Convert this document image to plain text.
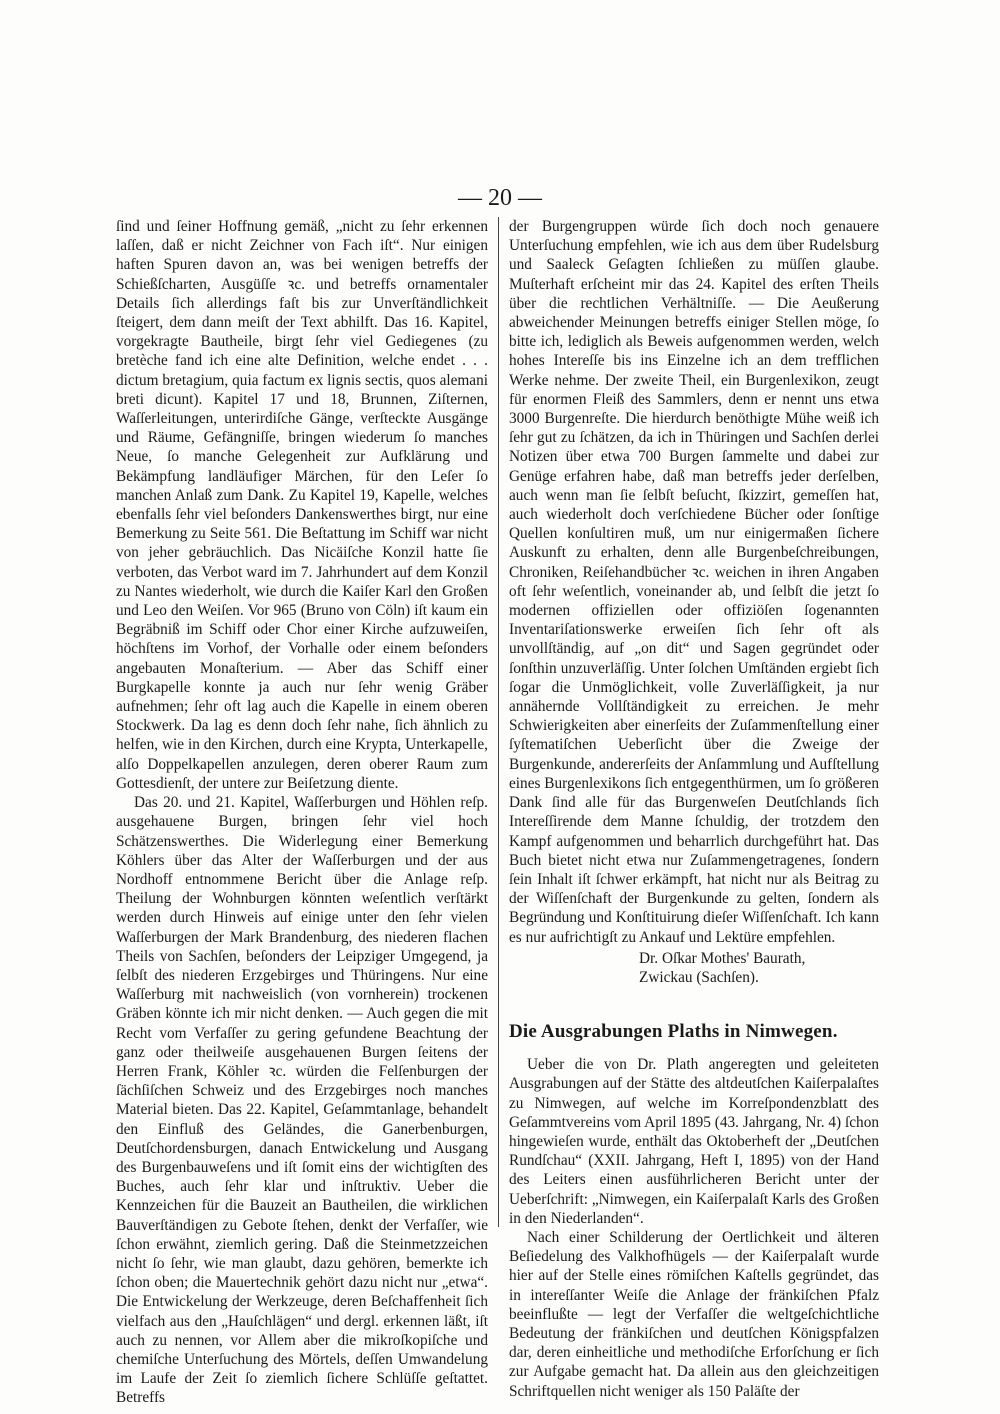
— 20 —

ſind und ſeiner Hoffnung gemäß, „nicht zu ſehr erkennen laſſen, daß er nicht Zeichner von Fach iſt“. Nur einigen haften Spuren davon an, was bei wenigen betreffs der Schießſcharten, Ausgüſſe ꝛc. und betreffs ornamentaler Details ſich allerdings faſt bis zur Unverſtändlichkeit ſteigert, dem dann meiſt der Text abhilft. Das 16. Kapitel, vorgekragte Bautheile, birgt ſehr viel Gediegenes (zu bretèche fand ich eine alte Definition, welche endet . . . dictum bretagium, quia factum ex lignis sectis, quos alemani breti dicunt). Kapitel 17 und 18, Brunnen, Ziſternen, Waſſerleitungen, unterirdiſche Gänge, verſteckte Ausgänge und Räume, Gefängniſſe, bringen wiederum ſo manches Neue, ſo manche Gelegenheit zur Aufklärung und Bekämpfung landläufiger Märchen, für den Leſer ſo manchen Anlaß zum Dank. Zu Kapitel 19, Kapelle, welches ebenfalls ſehr viel beſonders Dankenswerthes birgt, nur eine Bemerkung zu Seite 561. Die Beſtattung im Schiff war nicht von jeher gebräuchlich. Das Nicäiſche Konzil hatte ſie verboten, das Verbot ward im 7. Jahrhundert auf dem Konzil zu Nantes wiederholt, wie durch die Kaiſer Karl den Großen und Leo den Weiſen. Vor 965 (Bruno von Cöln) iſt kaum ein Begräbniß im Schiff oder Chor einer Kirche aufzuweiſen, höchſtens im Vorhof, der Vorhalle oder einem beſonders angebauten Monaſterium. — Aber das Schiff einer Burgkapelle konnte ja auch nur ſehr wenig Gräber aufnehmen; ſehr oft lag auch die Kapelle in einem oberen Stockwerk. Da lag es denn doch ſehr nahe, ſich ähnlich zu helfen, wie in den Kirchen, durch eine Krypta, Unterkapelle, alſo Doppelkapellen anzulegen, deren oberer Raum zum Gottesdienſt, der untere zur Beiſetzung diente.

Das 20. und 21. Kapitel, Waſſerburgen und Höhlen reſp. ausgehauene Burgen, bringen ſehr viel hoch Schätzenswerthes. Die Widerlegung einer Bemerkung Köhlers über das Alter der Waſſerburgen und der aus Nordhoff entnommene Bericht über die Anlage reſp. Theilung der Wohnburgen könnten weſentlich verſtärkt werden durch Hinweis auf einige unter den ſehr vielen Waſſerburgen der Mark Brandenburg, des niederen flachen Theils von Sachſen, beſonders der Leipziger Umgegend, ja ſelbſt des niederen Erzgebirges und Thüringens. Nur eine Waſſerburg mit nachweislich (von vornherein) trockenen Gräben könnte ich mir nicht denken. — Auch gegen die mit Recht vom Verfaſſer zu gering gefundene Beachtung der ganz oder theilweiſe ausgehauenen Burgen ſeitens der Herren Frank, Köhler ꝛc. würden die Felſenburgen der ſächſiſchen Schweiz und des Erzgebirges noch manches Material bieten. Das 22. Kapitel, Geſammtanlage, behandelt den Einfluß des Geländes, die Ganerbenburgen, Deutſchordensburgen, danach Entwickelung und Ausgang des Burgenbauweſens und iſt ſomit eins der wichtigſten des Buches, auch ſehr klar und inſtruktiv. Ueber die Kennzeichen für die Bauzeit an Bautheilen, die wirklichen Bauverſtändigen zu Gebote ſtehen, denkt der Verfaſſer, wie ſchon erwähnt, ziemlich gering. Daß die Steinmetzzeichen nicht ſo ſehr, wie man glaubt, dazu gehören, bemerkte ich ſchon oben; die Mauertechnik gehört dazu nicht nur „etwa“. Die Entwickelung der Werkzeuge, deren Beſchaffenheit ſich vielfach aus den „Hauſchlägen“ und dergl. erkennen läßt, iſt auch zu nennen, vor Allem aber die mikroſkopiſche und chemiſche Unterſuchung des Mörtels, deſſen Umwandelung im Laufe der Zeit ſo ziemlich ſichere Schlüſſe geſtattet. Betreffs

der Burgengruppen würde ſich doch noch genauere Unterſuchung empfehlen, wie ich aus dem über Rudelsburg und Saaleck Geſagten ſchließen zu müſſen glaube. Muſterhaft erſcheint mir das 24. Kapitel des erſten Theils über die rechtlichen Verhältniſſe. — Die Aeußerung abweichender Meinungen betreffs einiger Stellen möge, ſo bitte ich, lediglich als Beweis aufgenommen werden, welch hohes Intereſſe bis ins Einzelne ich an dem trefflichen Werke nehme. Der zweite Theil, ein Burgenlexikon, zeugt für enormen Fleiß des Sammlers, denn er nennt uns etwa 3000 Burgenreſte. Die hierdurch benöthigte Mühe weiß ich ſehr gut zu ſchätzen, da ich in Thüringen und Sachſen derlei Notizen über etwa 700 Burgen ſammelte und dabei zur Genüge erfahren habe, daß man betreffs jeder derſelben, auch wenn man ſie ſelbſt beſucht, ſkizzirt, gemeſſen hat, auch wiederholt doch verſchiedene Bücher oder ſonſtige Quellen konſultiren muß, um nur einigermaßen ſichere Auskunft zu erhalten, denn alle Burgenbeſchreibungen, Chroniken, Reiſehandbücher ꝛc. weichen in ihren Angaben oft ſehr weſentlich, voneinander ab, und ſelbſt die jetzt ſo modernen offiziellen oder offiziöſen ſogenannten Inventariſationswerke erweiſen ſich ſehr oft als unvollſtändig, auf „on dit“ und Sagen gegründet oder ſonſthin unzuverläſſig. Unter ſolchen Umſtänden ergiebt ſich ſogar die Unmöglichkeit, volle Zuverläſſigkeit, ja nur annähernde Vollſtändigkeit zu erreichen. Je mehr Schwierigkeiten aber einerſeits der Zuſammenſtellung einer ſyſtematiſchen Ueberſicht über die Zweige der Burgenkunde, andererſeits der Anſammlung und Aufſtellung eines Burgenlexikons ſich entgegenthürmen, um ſo größeren Dank ſind alle für das Burgenweſen Deutſchlands ſich Intereſſirende dem Manne ſchuldig, der trotzdem den Kampf aufgenommen und beharrlich durchgeführt hat. Das Buch bietet nicht etwa nur Zuſammengetragenes, ſondern ſein Inhalt iſt ſchwer erkämpft, hat nicht nur als Beitrag zu der Wiſſenſchaft der Burgenkunde zu gelten, ſondern als Begründung und Konſtituirung dieſer Wiſſenſchaft. Ich kann es nur aufrichtigſt zu Ankauf und Lektüre empfehlen.

Dr. Oſkar Mothes' Baurath,
Zwickau (Sachſen).
Die Ausgrabungen Plaths in Nimwegen.

Ueber die von Dr. Plath angeregten und geleiteten Ausgrabungen auf der Stätte des altdeutſchen Kaiſerpalaſtes zu Nimwegen, auf welche im Korreſpondenzblatt des Geſammtvereins vom April 1895 (43. Jahrgang, Nr. 4) ſchon hingewieſen wurde, enthält das Oktoberheft der „Deutſchen Rundſchau“ (XXII. Jahrgang, Heft I, 1895) von der Hand des Leiters einen ausführlicheren Bericht unter der Ueberſchrift: „Nimwegen, ein Kaiſerpalaſt Karls des Großen in den Niederlanden“.

Nach einer Schilderung der Oertlichkeit und älteren Beſiedelung des Valkhofhügels — der Kaiſerpalaſt wurde hier auf der Stelle eines römiſchen Kaſtells gegründet, das in intereſſanter Weiſe die Anlage der fränkiſchen Pfalz beeinflußte — legt der Verfaſſer die weltgeſchichtliche Bedeutung der fränkiſchen und deutſchen Königspfalzen dar, deren einheitliche und methodiſche Erforſchung er ſich zur Aufgabe gemacht hat. Da allein aus den gleichzeitigen Schriftquellen nicht weniger als 150 Paläſte der
